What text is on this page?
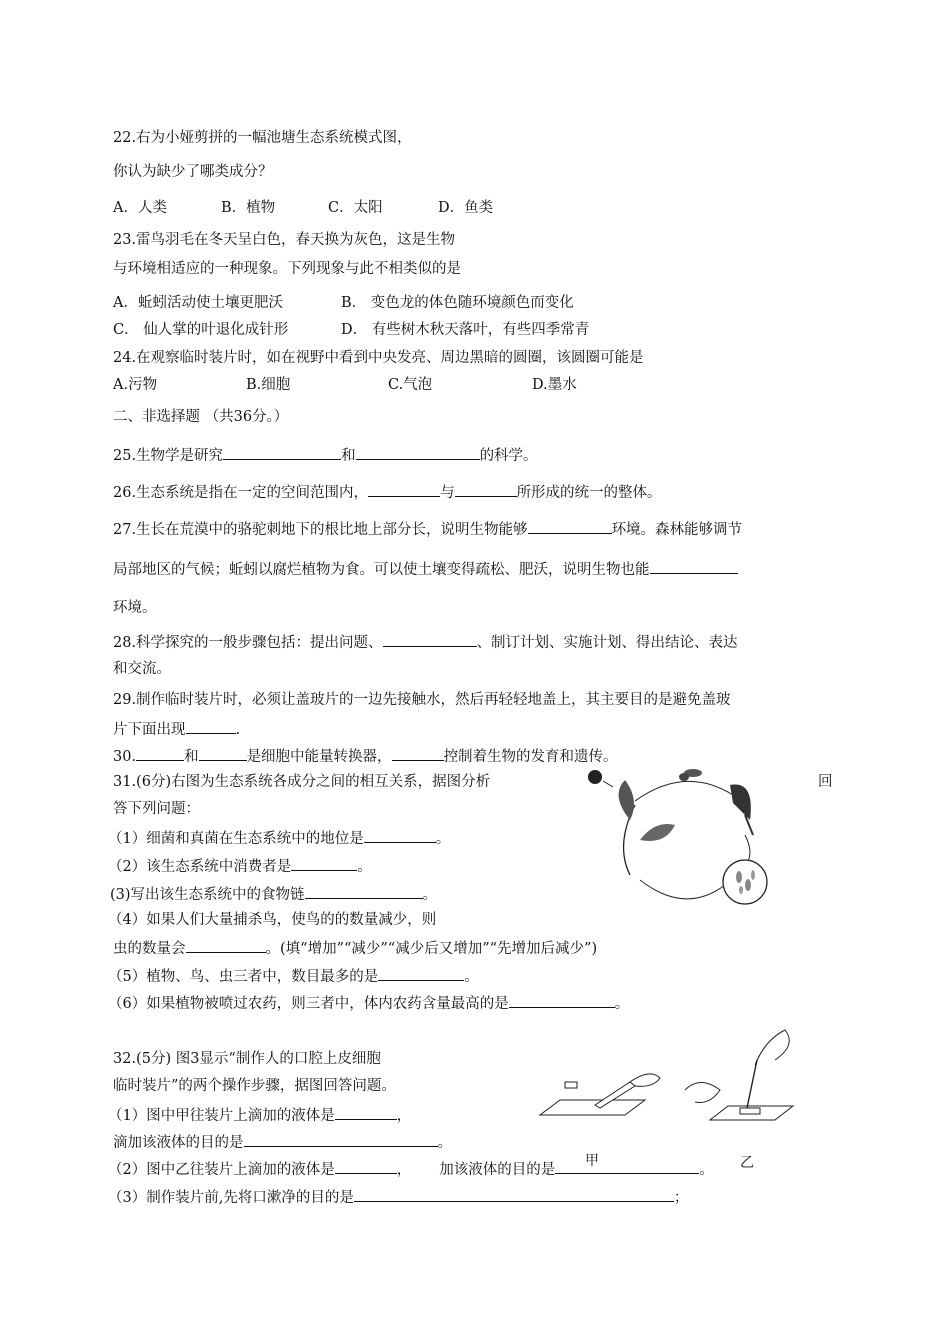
22.右为小娅剪拼的一幅池塘生态系统模式图，
你认为缺少了哪类成分？
A．人类	B．植物	C．太阳	D．鱼类
23.雷鸟羽毛在冬天呈白色，春天换为灰色，这是生物
与环境相适应的一种现象。下列现象与此不相类似的是
A．蚯蚓活动使土壤更肥沃	B． 变色龙的体色随环境颜色而变化
C． 仙人掌的叶退化成针形	D． 有些树木秋天落叶，有些四季常青
24.在观察临时装片时，如在视野中看到中央发亮、周边黑暗的圆圈，该圆圈可能是
A.污物	B.细胞	C.气泡	D.墨水
二、非选择题 （共36分。）
25.生物学是研究	和	的科学。
26.生态系统是指在一定的空间范围内，	与	所形成的统一的整体。
27.生长在荒漠中的骆驼刺地下的根比地上部分长，说明生物能够	环境。森林能够调节
局部地区的气候；蚯蚓以腐烂植物为食。可以使土壤变得疏松、肥沃，说明生物也能
环境。
28.科学探究的一般步骤包括：提出问题、	、制订计划、实施计划、得出结论、表达
和交流。
29.制作临时装片时，必须让盖玻片的一边先接触水，然后再轻轻地盖上，其主要目的是避免盖玻
片下面出现	.
30.	和	是细胞中能量转换器，	控制着生物的发育和遗传。
31.(6分)右图为生态系统各成分之间的相互关系，据图分析	回
答下列问题：
（1）细菌和真菌在生态系统中的地位是	。
（2）该生态系统中消费者是	。
(3)写出该生态系统中的食物链	。
（4）如果人们大量捕杀鸟，使鸟的的数量减少，则
虫的数量会	。(填“增加”“减少”“减少后又增加”“先增加后减少”)
（5）植物、鸟、虫三者中，数目最多的是	。
（6）如果植物被喷过农药，则三者中，体内农药含量最高的是	。
32.(5分) 图3显示“制作人的口腔上皮细胞
临时装片”的两个操作步骤，据图回答问题。
（1）图中甲往装片上滴加的液体是	，
滴加该液体的目的是	。
（2）图中乙往装片上滴加的液体是	， 加该液体的目的是	。
（3）制作装片前,先将口漱净的目的是	；
甲	乙
